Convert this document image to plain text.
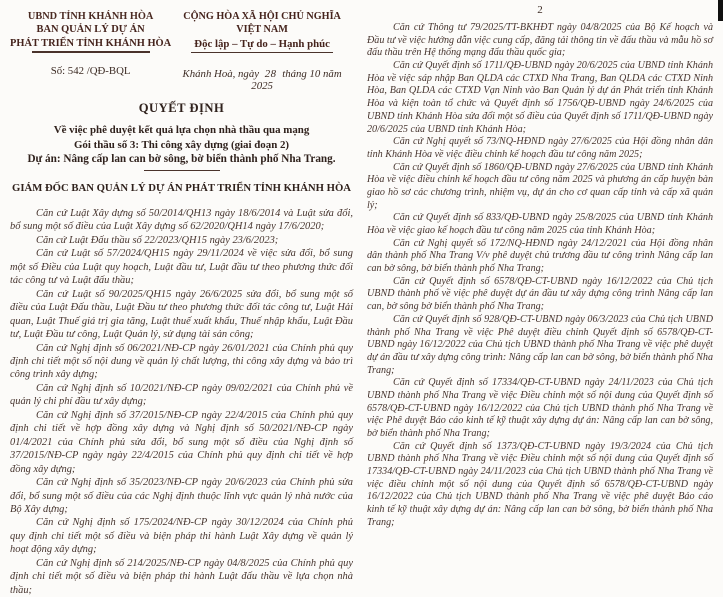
UBND TỈNH KHÁNH HÒA
BAN QUẢN LÝ DỰ ÁN
PHÁT TRIỂN TỈNH KHÁNH HÒA
Số: 542 /QĐ-BQL
CỘNG HÒA XÃ HỘI CHỦ NGHĨA VIỆT NAM
Độc lập – Tự do – Hạnh phúc
Khánh Hoà, ngày 28 tháng 10 năm 2025
QUYẾT ĐỊNH

Về việc phê duyệt kết quả lựa chọn nhà thầu qua mạng

Gói thầu số 3: Thi công xây dựng (giai đoạn 2)

Dự án: Nâng cấp lan can bờ sông, bờ biển thành phố Nha Trang.

GIÁM ĐỐC BAN QUẢN LÝ DỰ ÁN PHÁT TRIỂN TỈNH KHÁNH HÒA

Căn cứ Luật Xây dựng số 50/2014/QH13 ngày 18/6/2014 và Luật sửa đổi, bổ sung một số điều của Luật Xây dựng số 62/2020/QH14 ngày 17/6/2020;

Căn cứ Luật Đấu thầu số 22/2023/QH15 ngày 23/6/2023;

Căn cứ Luật số 57/2024/QH15 ngày 29/11/2024 về việc sửa đổi, bổ sung một số Điều của Luật quy hoạch, Luật đầu tư, Luật đầu tư theo phương thức đối tác công tư và Luật đấu thầu;

Căn cứ Luật số 90/2025/QH15 ngày 26/6/2025 sửa đổi, bổ sung một số điều của Luật Đấu thầu, Luật Đầu tư theo phương thức đối tác công tư, Luật Hải quan, Luật Thuế giá trị gia tăng, Luật thuế xuất khẩu, Thuế nhập khẩu, Luật Đầu tư, Luật Đầu tư công, Luật Quản lý, sử dụng tài sản công;

Căn cứ Nghị định số 06/2021/NĐ-CP ngày 26/01/2021 của Chính phủ quy định chi tiết một số nội dung về quản lý chất lượng, thi công xây dựng và bảo trì công trình xây dựng;

Căn cứ Nghị định số 10/2021/NĐ-CP ngày 09/02/2021 của Chính phủ về quản lý chi phí đầu tư xây dựng;

Căn cứ Nghị định số 37/2015/NĐ-CP ngày 22/4/2015 của Chính phủ quy định chi tiết về hợp đồng xây dựng và Nghị định số 50/2021/NĐ-CP ngày 01/4/2021 của Chính phủ sửa đổi, bổ sung một số điều của Nghị định số 37/2015/NĐ-CP ngày ngày 22/4/2015 của Chính phủ quy định chi tiết về hợp đồng xây dựng;

Căn cứ Nghị định số 35/2023/NĐ-CP ngày 20/6/2023 của Chính phủ sửa đổi, bổ sung một số điều của các Nghị định thuộc lĩnh vực quản lý nhà nước của Bộ Xây dựng;

Căn cứ Nghị định số 175/2024/NĐ-CP ngày 30/12/2024 của Chính phủ quy định chi tiết một số điều và biện pháp thi hành Luật Xây dựng về quản lý hoạt động xây dựng;

Căn cứ Nghị định số 214/2025/NĐ-CP ngày 04/8/2025 của Chính phủ quy định chi tiết một số điều và biện pháp thi hành Luật đấu thầu về lựa chọn nhà thầu;

2

Căn cứ Thông tư 79/2025/TT-BKHĐT ngày 04/8/2025 của Bộ Kế hoạch và Đầu tư về việc hướng dẫn việc cung cấp, đăng tải thông tin về đấu thầu và mẫu hồ sơ đấu thầu trên Hệ thống mạng đấu thầu quốc gia;

Căn cứ Quyết định số 1711/QĐ-UBND ngày 20/6/2025 của UBND tỉnh Khánh Hòa về việc sáp nhập Ban QLDA các CTXD Nha Trang, Ban QLDA các CTXD Ninh Hòa, Ban QLDA các CTXD Vạn Ninh vào Ban Quản lý dự án Phát triển tỉnh Khánh Hòa và kiện toàn tổ chức và Quyết định số 1756/QĐ-UBND ngày 24/6/2025 của UBND tỉnh Khánh Hòa sửa đổi một số điều của Quyết định số 1711/QĐ-UBND ngày 20/6/2025 của UBND tỉnh Khánh Hòa;

Căn cứ Nghị quyết số 73/NQ-HĐND ngày 27/6/2025 của Hội đồng nhân dân tỉnh Khánh Hòa về việc điều chỉnh kế hoạch đầu tư công năm 2025;

Căn cứ Quyết định số 1860/QĐ-UBND ngày 27/6/2025 của UBND tỉnh Khánh Hòa về việc điều chỉnh kế hoạch đầu tư công năm 2025 và phương án cấp huyện bàn giao hồ sơ các chương trình, nhiệm vụ, dự án cho cơ quan cấp tỉnh và cấp xã quản lý;

Căn cứ Quyết định số 833/QĐ-UBND ngày 25/8/2025 của UBND tỉnh Khánh Hòa về việc giao kế hoạch đầu tư công năm 2025 của tỉnh Khánh Hòa;

Căn cứ Nghị quyết số 172/NQ-HĐND ngày 24/12/2021 của Hội đồng nhân dân thành phố Nha Trang V/v phê duyệt chủ trương đầu tư công trình Nâng cấp lan can bờ sông, bờ biển thành phố Nha Trang;

Căn cứ Quyết định số 6578/QĐ-CT-UBND ngày 16/12/2022 của Chủ tịch UBND thành phố về việc phê duyệt dự án đầu tư xây dựng công trình Nâng cấp lan can, bờ sông bờ biển thành phố Nha Trang;

Căn cứ Quyết định số 928/QĐ-CT-UBND ngày 06/3/2023 của Chủ tịch UBND thành phố Nha Trang về việc Phê duyệt điều chỉnh Quyết định số 6578/QĐ-CT-UBND ngày 16/12/2022 của Chủ tịch UBND thành phố Nha Trang về việc phê duyệt dự án đầu tư xây dựng công trình: Nâng cấp lan can bờ sông, bờ biển thành phố Nha Trang;

Căn cứ Quyết định số 17334/QĐ-CT-UBND ngày 24/11/2023 của Chủ tịch UBND thành phố Nha Trang về việc Điều chỉnh một số nội dung của Quyết định số 6578/QĐ-CT-UBND ngày 16/12/2022 của Chủ tịch UBND thành phố Nha Trang về việc Phê duyệt Báo cáo kinh tế kỹ thuật xây dựng dự án: Nâng cấp lan can bờ sông, bờ biển thành phố Nha Trang;

Căn cứ Quyết định số 1373/QĐ-CT-UBND ngày 19/3/2024 của Chủ tịch UBND thành phố Nha Trang về việc Điều chỉnh một số nội dung của Quyết định số 17334/QĐ-CT-UBND ngày 24/11/2023 của Chủ tịch UBND thành phố Nha Trang về việc điều chỉnh một số nội dung của Quyết định số 6578/QĐ-CT-UBND ngày 16/12/2022 của Chủ tịch UBND thành phố Nha Trang về việc phê duyệt Báo cáo kinh tế kỹ thuật xây dựng dự án: Nâng cấp lan can bờ sông, bờ biển thành phố Nha Trang;
